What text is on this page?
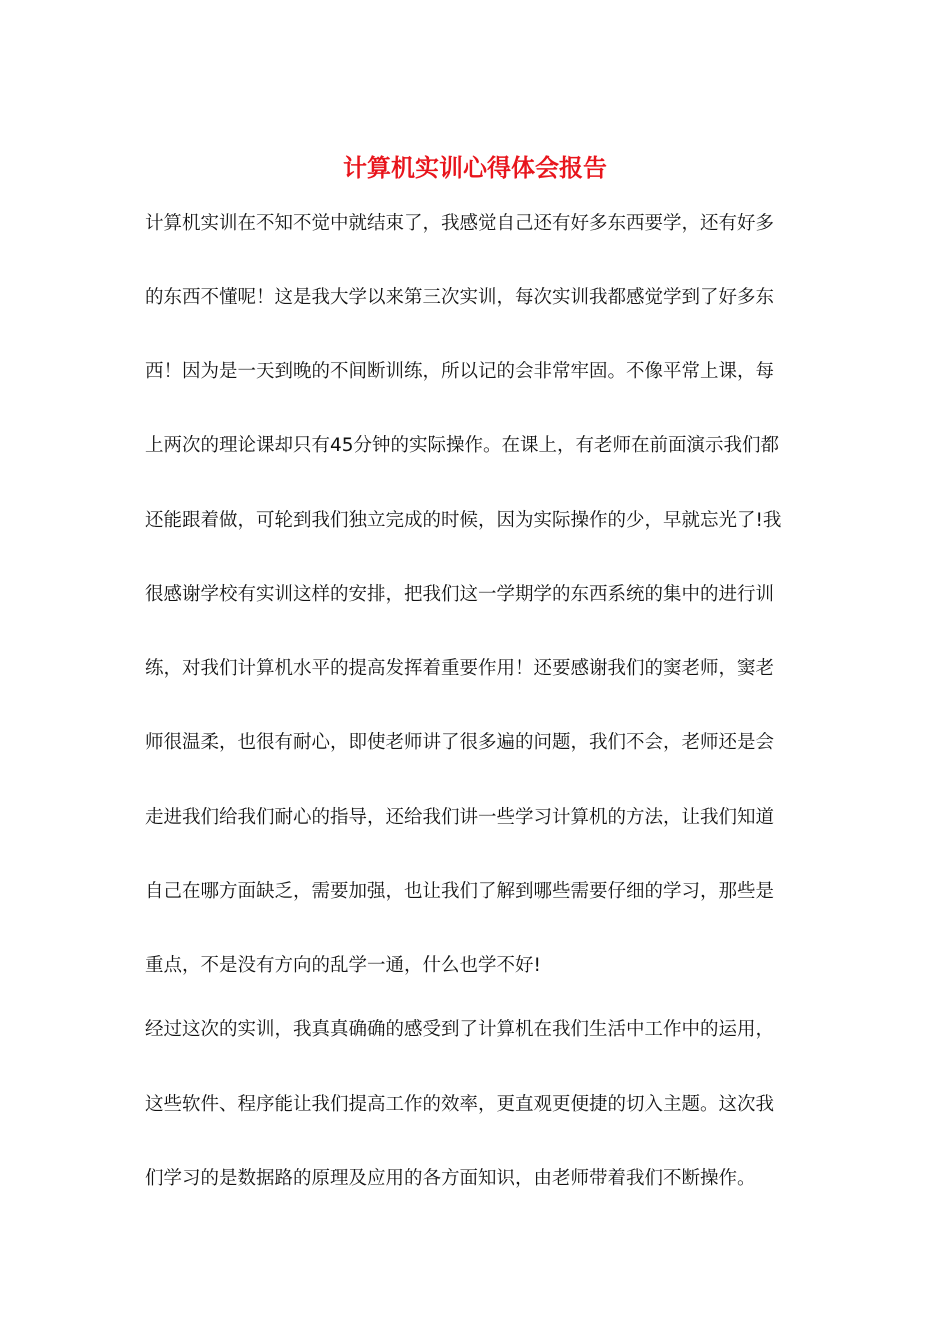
计算机实训心得体会报告
计算机实训在不知不觉中就结束了，我感觉自己还有好多东西要学，还有好多
的东西不懂呢！这是我大学以来第三次实训，每次实训我都感觉学到了好多东
西！因为是一天到晚的不间断训练，所以记的会非常牢固。不像平常上课，每
上两次的理论课却只有45分钟的实际操作。在课上，有老师在前面演示我们都
还能跟着做，可轮到我们独立完成的时候，因为实际操作的少，早就忘光了!我
很感谢学校有实训这样的安排，把我们这一学期学的东西系统的集中的进行训
练，对我们计算机水平的提高发挥着重要作用！还要感谢我们的窦老师，窦老
师很温柔，也很有耐心，即使老师讲了很多遍的问题，我们不会，老师还是会
走进我们给我们耐心的指导，还给我们讲一些学习计算机的方法，让我们知道
自己在哪方面缺乏，需要加强，也让我们了解到哪些需要仔细的学习，那些是
重点，不是没有方向的乱学一通，什么也学不好!
经过这次的实训，我真真确确的感受到了计算机在我们生活中工作中的运用，
这些软件、程序能让我们提高工作的效率，更直观更便捷的切入主题。这次我
们学习的是数据路的原理及应用的各方面知识，由老师带着我们不断操作。
